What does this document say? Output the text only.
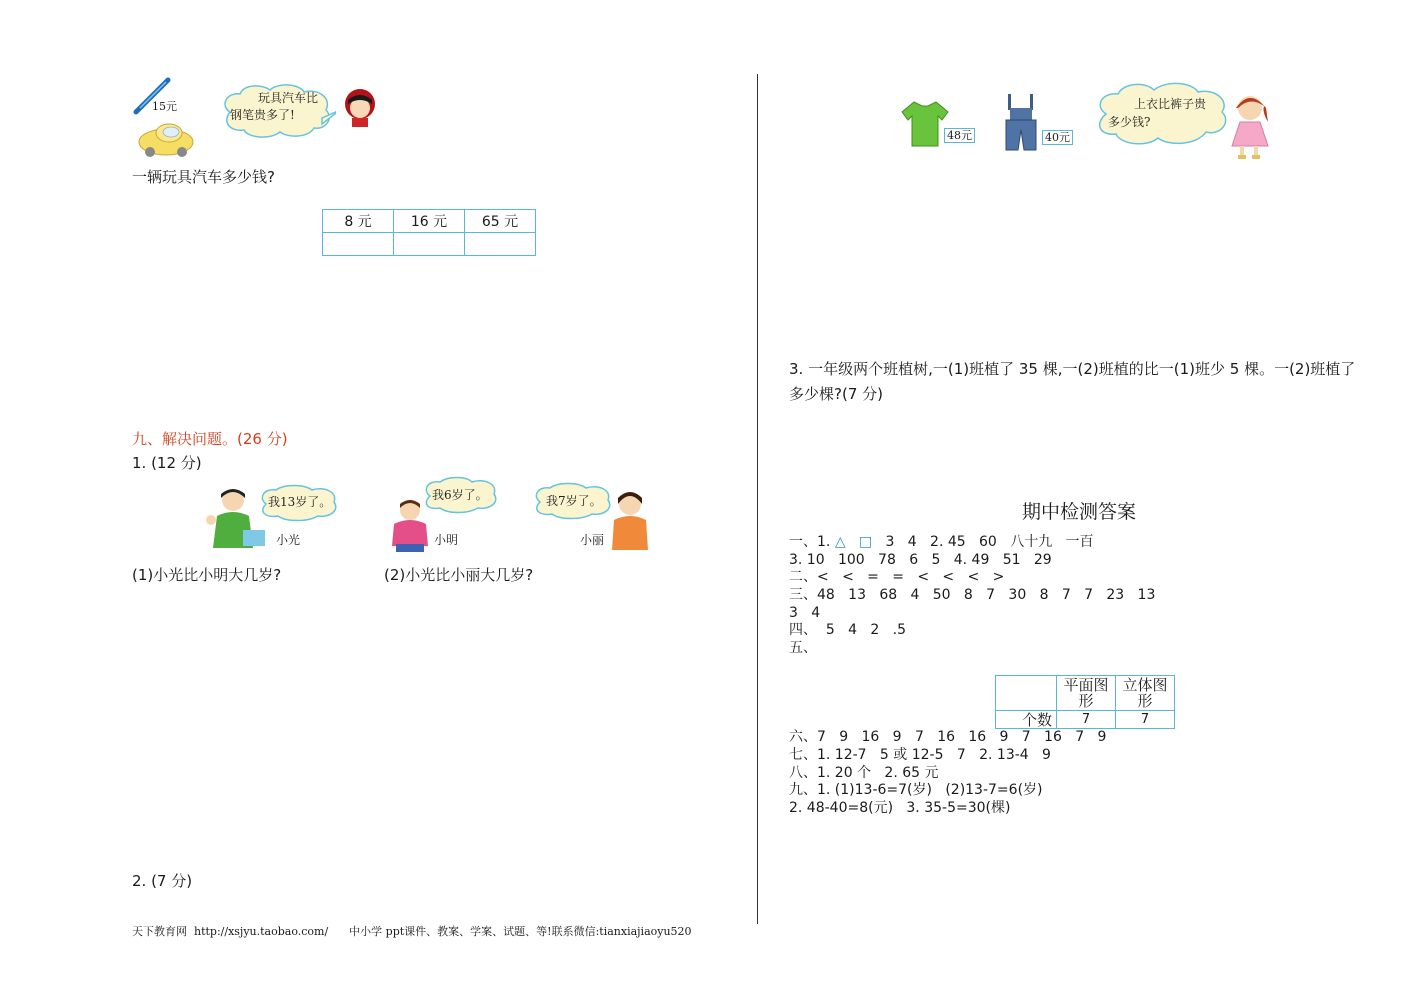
15元
玩具汽车比
钢笔贵多了!
一辆玩具汽车多少钱?
8 元	16 元	65 元

九、解决问题。(26 分)
1. (12 分)
我13岁了。
小光
我6岁了。
小明
我7岁了。
小丽
(1)小光比小明大几岁?	(2)小光比小丽大几岁?
2. (7 分)
天下教育网  http://xsjyu.taobao.com/      中小学 ppt课件、教案、学案、试题、等!联系微信:tianxiajiaoyu520
48元	40元
上衣比裤子贵
多少钱?
3. 一年级两个班植树,一(1)班植了 35 棵,一(2)班植的比一(1)班少 5 棵。一(2)班植了
多少棵?(7 分)
期中检测答案
一、1. △ □   3   4   2. 45   60   八十九   一百
3. 10   100   78   6   5   4. 49   51   29
二、<   <   =   =   <   <   <   >
三、48   13   68   4   50   8   7   30   8   7   7   23   13
3   4
四、  5   4   2   .5
五、
	平面图形	立体图形
个数	7	7
六、7   9   16   9   7   16   16   9   7   16   7   9
七、1. 12-7   5 或 12-5   7   2. 13-4   9
八、1. 20 个   2. 65 元
九、1. (1)13-6=7(岁)   (2)13-7=6(岁)
2. 48-40=8(元)   3. 35-5=30(棵)
